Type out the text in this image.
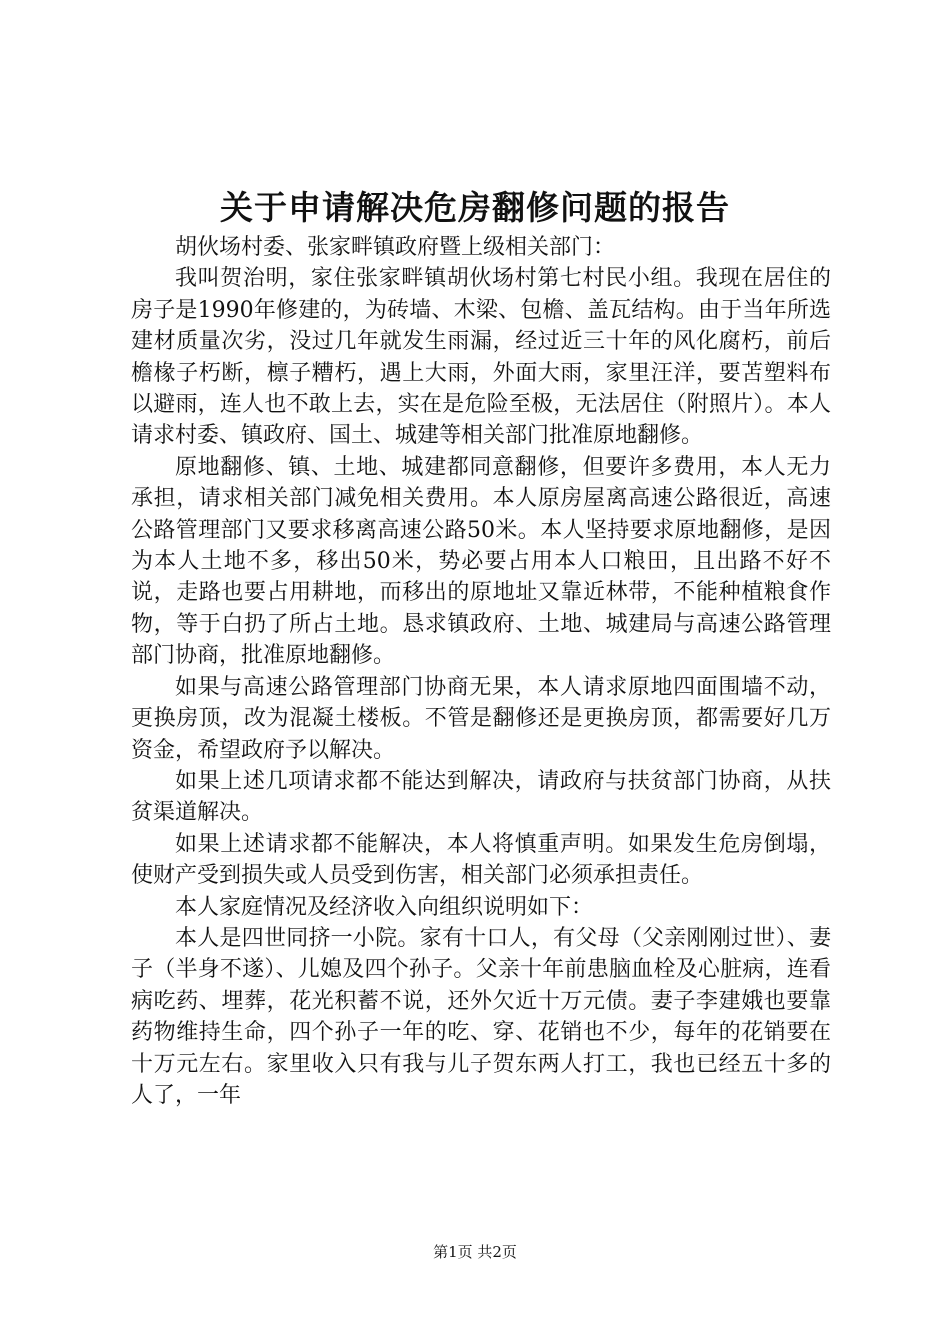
关于申请解决危房翻修问题的报告

胡伙场村委、张家畔镇政府暨上级相关部门：

我叫贺治明，家住张家畔镇胡伙场村第七村民小组。我现在居住的房子是1990年修建的，为砖墙、木梁、包檐、盖瓦结构。由于当年所选建材质量次劣，没过几年就发生雨漏，经过近三十年的风化腐朽，前后檐椽子朽断，檩子糟朽，遇上大雨，外面大雨，家里汪洋，要苫塑料布以避雨，连人也不敢上去，实在是危险至极，无法居住（附照片）。本人请求村委、镇政府、国土、城建等相关部门批准原地翻修。

原地翻修、镇、土地、城建都同意翻修，但要许多费用，本人无力承担，请求相关部门减免相关费用。本人原房屋离高速公路很近，高速公路管理部门又要求移离高速公路50米。本人坚持要求原地翻修，是因为本人土地不多，移出50米，势必要占用本人口粮田，且出路不好不说，走路也要占用耕地，而移出的原地址又靠近林带，不能种植粮食作物，等于白扔了所占土地。恳求镇政府、土地、城建局与高速公路管理部门协商，批准原地翻修。

如果与高速公路管理部门协商无果，本人请求原地四面围墙不动，更换房顶，改为混凝土楼板。不管是翻修还是更换房顶，都需要好几万资金，希望政府予以解决。

如果上述几项请求都不能达到解决，请政府与扶贫部门协商，从扶贫渠道解决。

如果上述请求都不能解决，本人将慎重声明。如果发生危房倒塌，使财产受到损失或人员受到伤害，相关部门必须承担责任。

本人家庭情况及经济收入向组织说明如下：

本人是四世同挤一小院。家有十口人，有父母（父亲刚刚过世）、妻子（半身不遂）、儿媳及四个孙子。父亲十年前患脑血栓及心脏病，连看病吃药、埋葬，花光积蓄不说，还外欠近十万元债。妻子李建娥也要靠药物维持生命，四个孙子一年的吃、穿、花销也不少，每年的花销要在十万元左右。家里收入只有我与儿子贺东两人打工，我也已经五十多的人了，一年

第1页 共2页
